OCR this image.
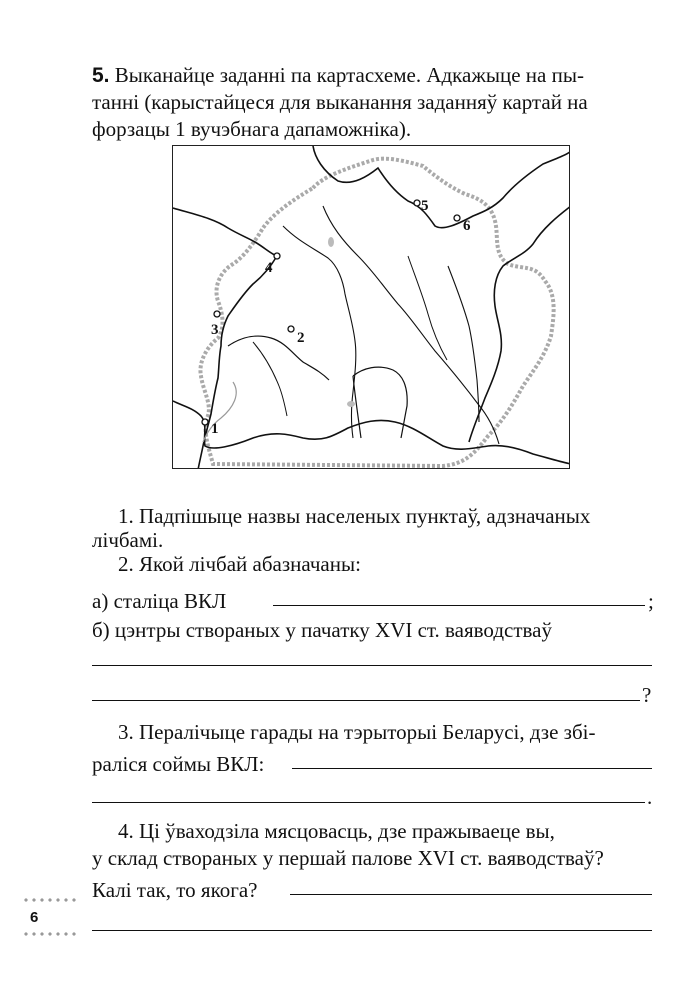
5. Выканайце заданні па картасхеме. Адкажыце на пы-

танні (карыстайцеся для выканання заданняў картай на

форзацы 1 вучэбнага дапаможніка).

1
2
3
4
5
6

1. Падпішыце назвы населеных пунктаў, адзначаных

лічбамі.

2. Якой лічбай абазначаны:

а) сталіца ВКЛ	;

б) цэнтры створаных у пачатку XVI ст. ваяводстваў

?

3. Пералічыце гарады на тэрыторыі Беларусі, дзе збі-

раліся соймы ВКЛ:

.

4. Ці ўваходзіла мясцовасць, дзе пражываеце вы,

у склад створаных у першай палове XVI ст. ваяводстваў?

Калі так, то якога?

6
